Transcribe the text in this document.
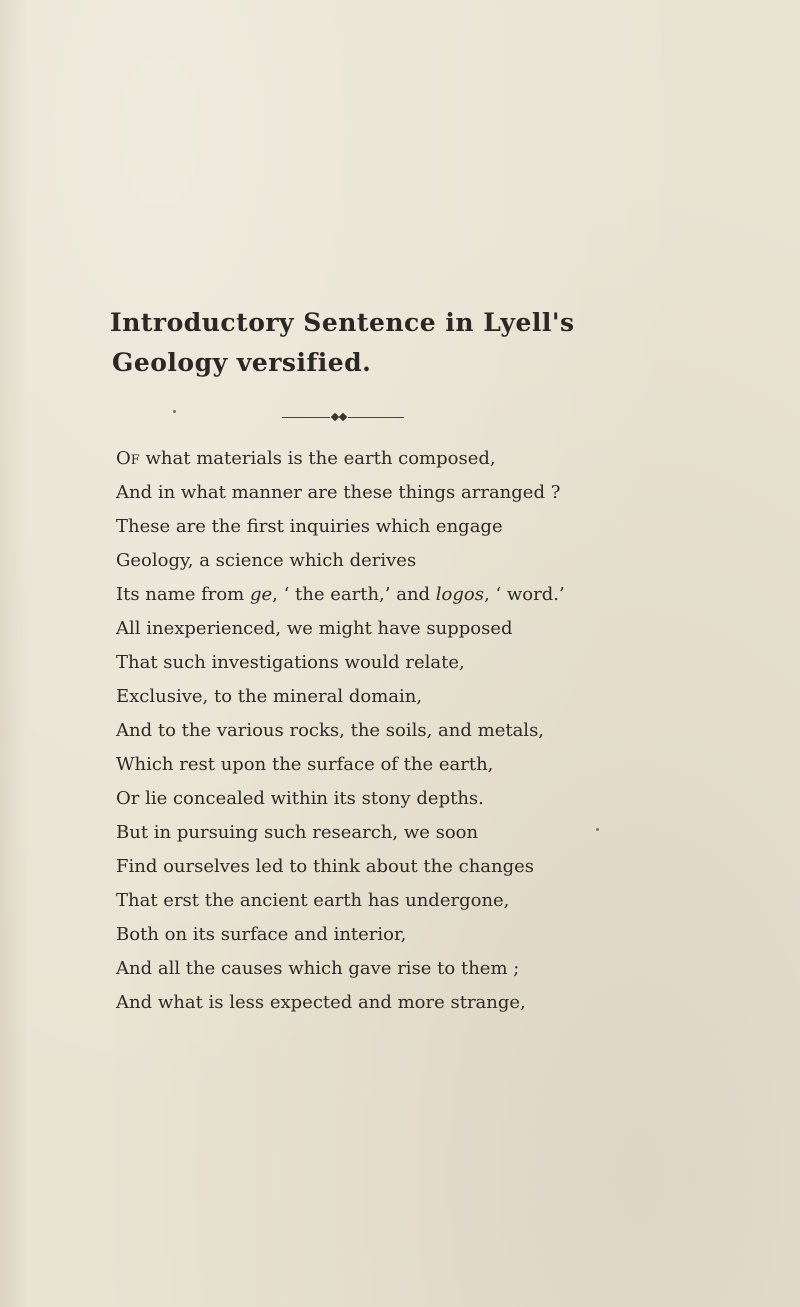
Introductory Sentence in Lyell's
Geology versified.
Of what materials is the earth composed,
And in what manner are these things arranged ?
These are the first inquiries which engage
Geology, a science which derives
Its name from ge, ‘ the earth,’ and logos, ‘ word.’
All inexperienced, we might have supposed
That such investigations would relate,
Exclusive, to the mineral domain,
And to the various rocks, the soils, and metals,
Which rest upon the surface of the earth,
Or lie concealed within its stony depths.
But in pursuing such research, we soon
Find ourselves led to think about the changes
That erst the ancient earth has undergone,
Both on its surface and interior,
And all the causes which gave rise to them ;
And what is less expected and more strange,
